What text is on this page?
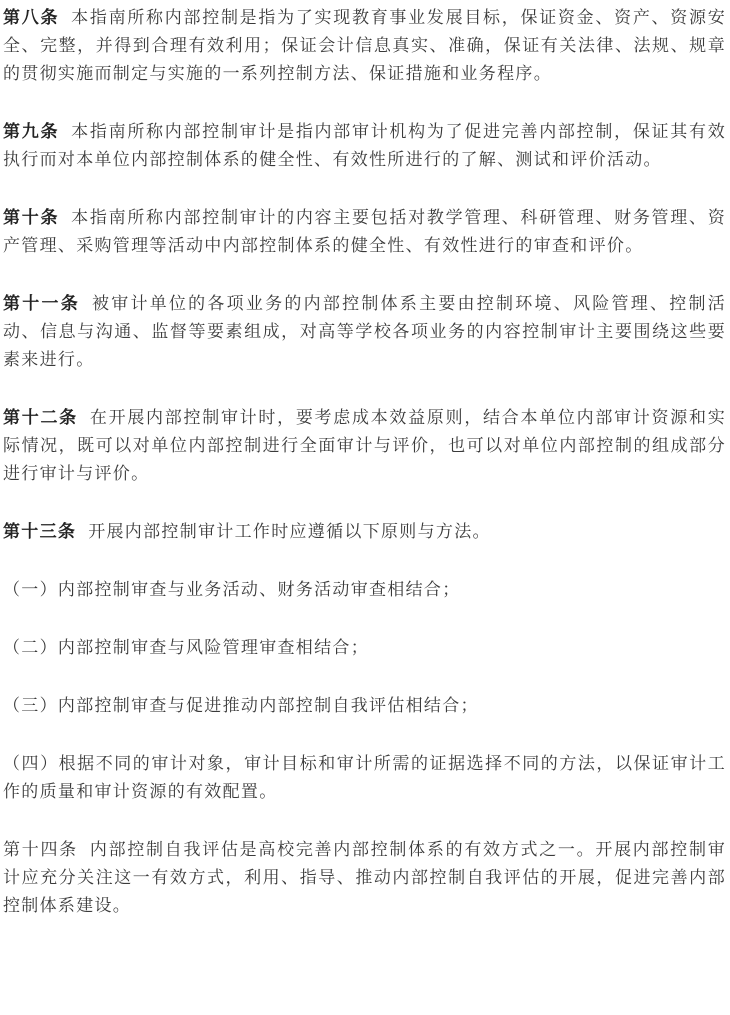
第八条 本指南所称内部控制是指为了实现教育事业发展目标，保证资金、资产、资源安全、完整，并得到合理有效利用；保证会计信息真实、准确，保证有关法律、法规、规章的贯彻实施而制定与实施的一系列控制方法、保证措施和业务程序。

第九条 本指南所称内部控制审计是指内部审计机构为了促进完善内部控制，保证其有效执行而对本单位内部控制体系的健全性、有效性所进行的了解、测试和评价活动。

第十条 本指南所称内部控制审计的内容主要包括对教学管理、科研管理、财务管理、资产管理、采购管理等活动中内部控制体系的健全性、有效性进行的审查和评价。

第十一条 被审计单位的各项业务的内部控制体系主要由控制环境、风险管理、控制活动、信息与沟通、监督等要素组成，对高等学校各项业务的内容控制审计主要围绕这些要素来进行。

第十二条 在开展内部控制审计时，要考虑成本效益原则，结合本单位内部审计资源和实际情况，既可以对单位内部控制进行全面审计与评价，也可以对单位内部控制的组成部分进行审计与评价。

第十三条 开展内部控制审计工作时应遵循以下原则与方法。

（一）内部控制审查与业务活动、财务活动审查相结合；

（二）内部控制审查与风险管理审查相结合；

（三）内部控制审查与促进推动内部控制自我评估相结合；

（四）根据不同的审计对象，审计目标和审计所需的证据选择不同的方法，以保证审计工作的质量和审计资源的有效配置。

第十四条 内部控制自我评估是高校完善内部控制体系的有效方式之一。开展内部控制审计应充分关注这一有效方式，利用、指导、推动内部控制自我评估的开展，促进完善内部控制体系建设。
